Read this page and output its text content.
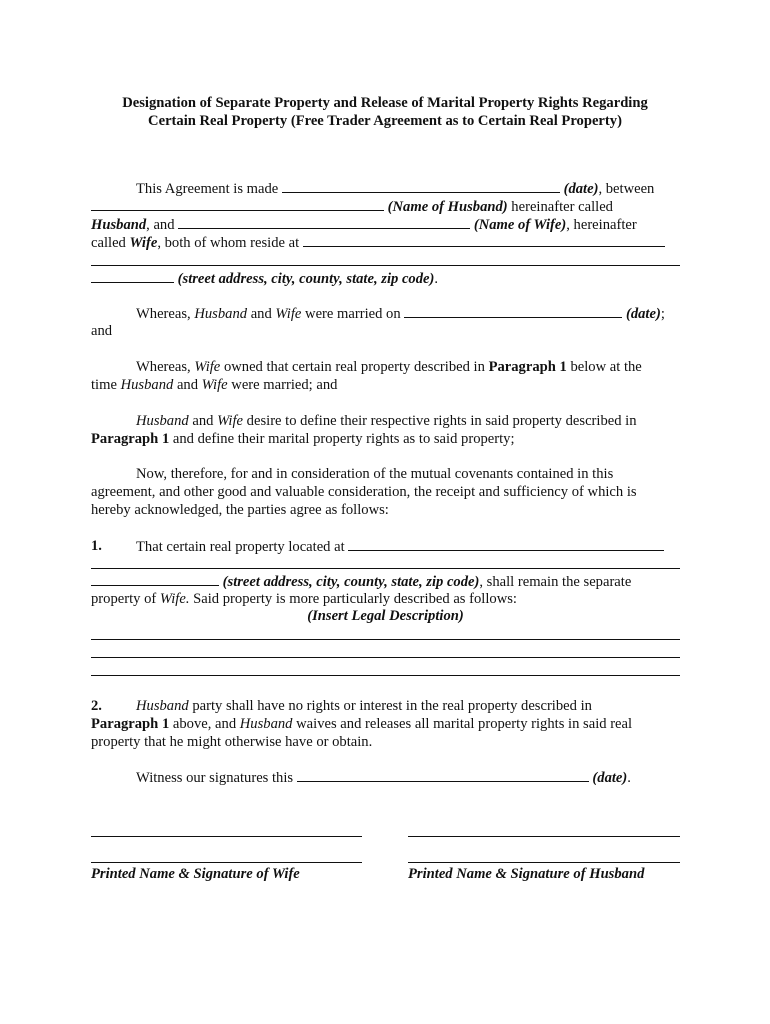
Designation of Separate Property and Release of Marital Property Rights Regarding
Certain Real Property (Free Trader Agreement as to Certain Real Property)
This Agreement is made	(date), between
(Name of Husband) hereinafter called
Husband, and	(Name of Wife), hereinafter
called Wife, both of whom reside at
(street address, city, county, state, zip code).
Whereas, Husband and Wife were married on	(date);
and
Whereas, Wife owned that certain real property described in Paragraph 1 below at the
time Husband and Wife were married; and
Husband and Wife desire to define their respective rights in said property described in
Paragraph 1 and define their marital property rights as to said property;
Now, therefore, for and in consideration of the mutual covenants contained in this
agreement, and other good and valuable consideration, the receipt and sufficiency of which is
hereby acknowledged, the parties agree as follows:
1. That certain real property located at
(street address, city, county, state, zip code), shall remain the separate
property of Wife. Said property is more particularly described as follows:
(Insert Legal Description)
2. Husband party shall have no rights or interest in the real property described in
Paragraph 1 above, and Husband waives and releases all marital property rights in said real
property that he might otherwise have or obtain.
Witness our signatures this	(date).
Printed Name & Signature of Wife	Printed Name & Signature of Husband
